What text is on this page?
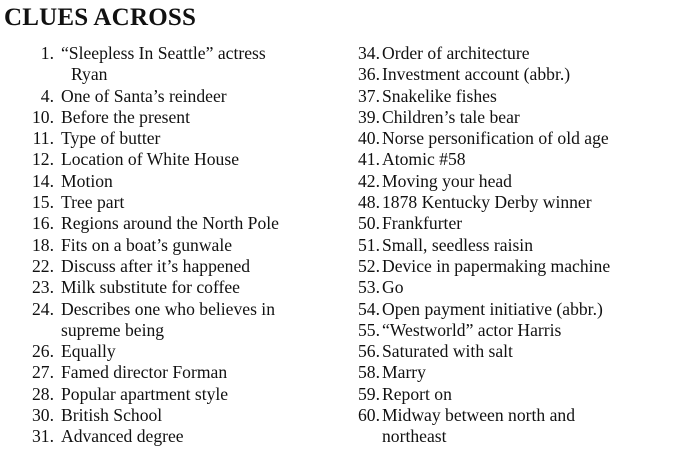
CLUES ACROSS
1. “Sleepless In Seattle” actress
Ryan
4. One of Santa’s reindeer
10. Before the present
11. Type of butter
12. Location of White House
14. Motion
15. Tree part
16. Regions around the North Pole
18. Fits on a boat’s gunwale
22. Discuss after it’s happened
23. Milk substitute for coffee
24. Describes one who believes in
supreme being
26. Equally
27. Famed director Forman
28. Popular apartment style
30. British School
31. Advanced degree
34. Order of architecture
36. Investment account (abbr.)
37. Snakelike fishes
39. Children’s tale bear
40. Norse personification of old age
41. Atomic #58
42. Moving your head
48. 1878 Kentucky Derby winner
50. Frankfurter
51. Small, seedless raisin
52. Device in papermaking machine
53. Go
54. Open payment initiative (abbr.)
55. “Westworld” actor Harris
56. Saturated with salt
58. Marry
59. Report on
60. Midway between north and
northeast
